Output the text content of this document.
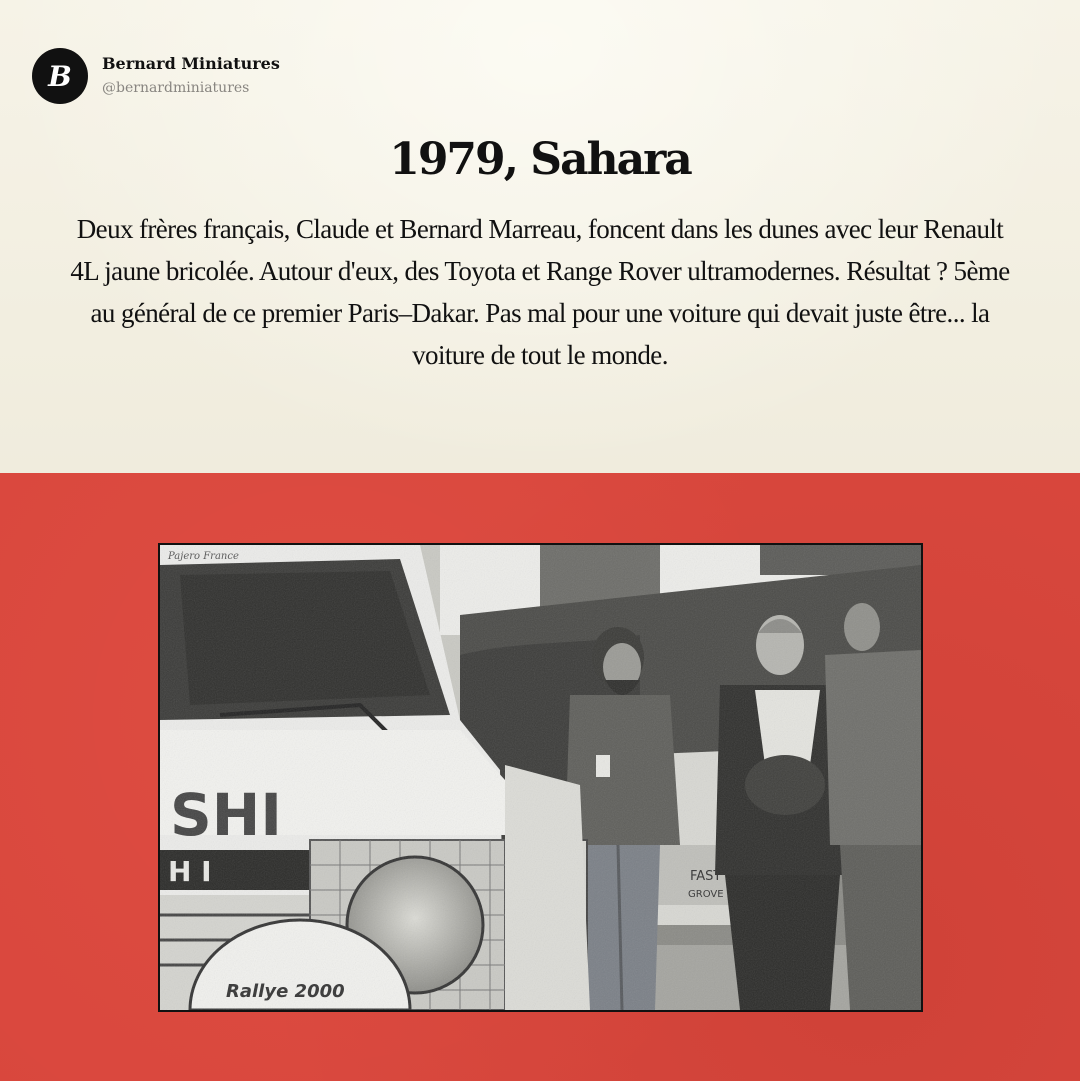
B	Bernard Miniatures
@bernardminiatures
1979, Sahara

Deux frères français, Claude et Bernard Marreau, foncent dans les dunes avec leur Renault 4L jaune bricolée. Autour d'eux, des Toyota et Range Rover ultramodernes. Résultat ? 5ème au général de ce premier Paris–Dakar. Pas mal pour une voiture qui devait juste être... la voiture de tout le monde.
